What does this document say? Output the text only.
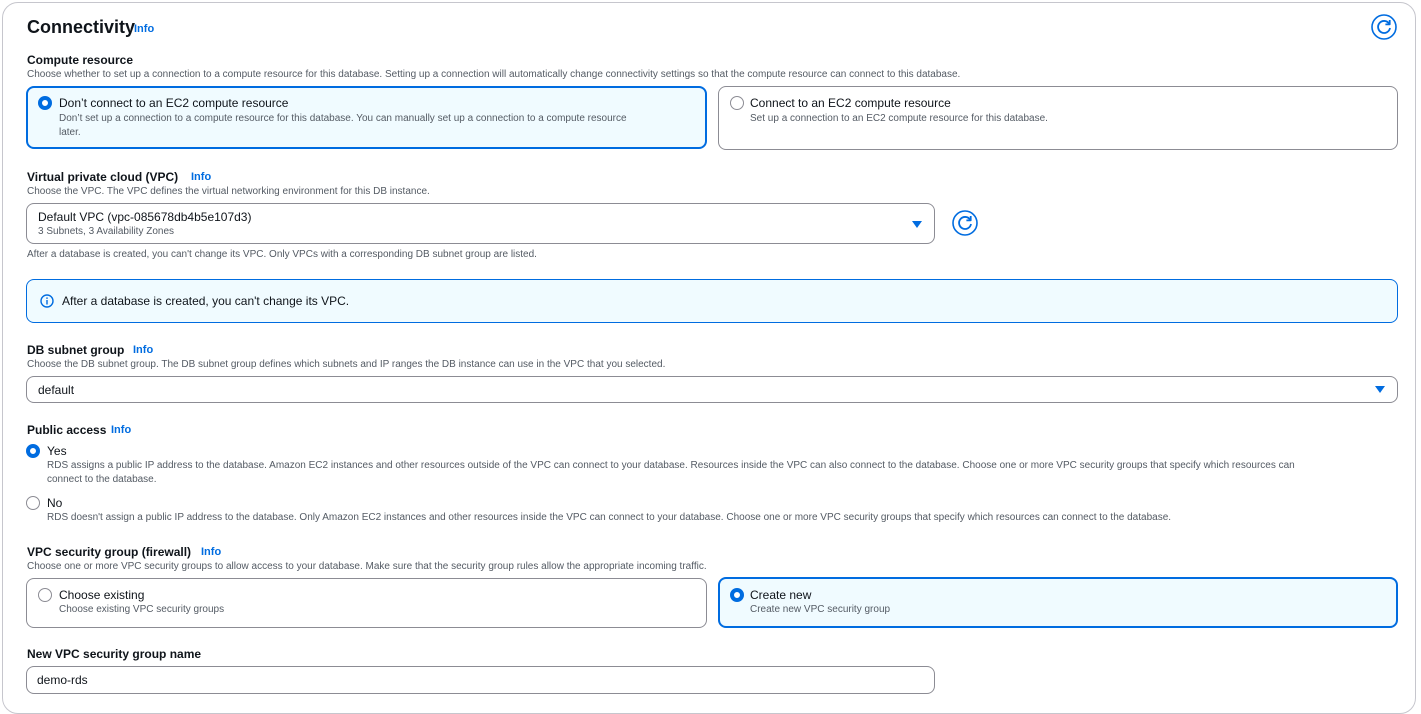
Connectivity
Info
Compute resource
Choose whether to set up a connection to a compute resource for this database. Setting up a connection will automatically change connectivity settings so that the compute resource can connect to this database.
Don’t connect to an EC2 compute resource
Don’t set up a connection to a compute resource for this database. You can manually set up a connection to a compute resource
later.
Connect to an EC2 compute resource
Set up a connection to an EC2 compute resource for this database.
Virtual private cloud (VPC) Info
Choose the VPC. The VPC defines the virtual networking environment for this DB instance.
Default VPC (vpc-085678db4b5e107d3)
3 Subnets, 3 Availability Zones
After a database is created, you can't change its VPC. Only VPCs with a corresponding DB subnet group are listed.
After a database is created, you can't change its VPC.
DB subnet group Info
Choose the DB subnet group. The DB subnet group defines which subnets and IP ranges the DB instance can use in the VPC that you selected.
default
Public access Info
Yes
RDS assigns a public IP address to the database. Amazon EC2 instances and other resources outside of the VPC can connect to your database. Resources inside the VPC can also connect to the database. Choose one or more VPC security groups that specify which resources can
connect to the database.
No
RDS doesn't assign a public IP address to the database. Only Amazon EC2 instances and other resources inside the VPC can connect to your database. Choose one or more VPC security groups that specify which resources can connect to the database.
VPC security group (firewall) Info
Choose one or more VPC security groups to allow access to your database. Make sure that the security group rules allow the appropriate incoming traffic.
Choose existing
Choose existing VPC security groups
Create new
Create new VPC security group
New VPC security group name
demo-rds
